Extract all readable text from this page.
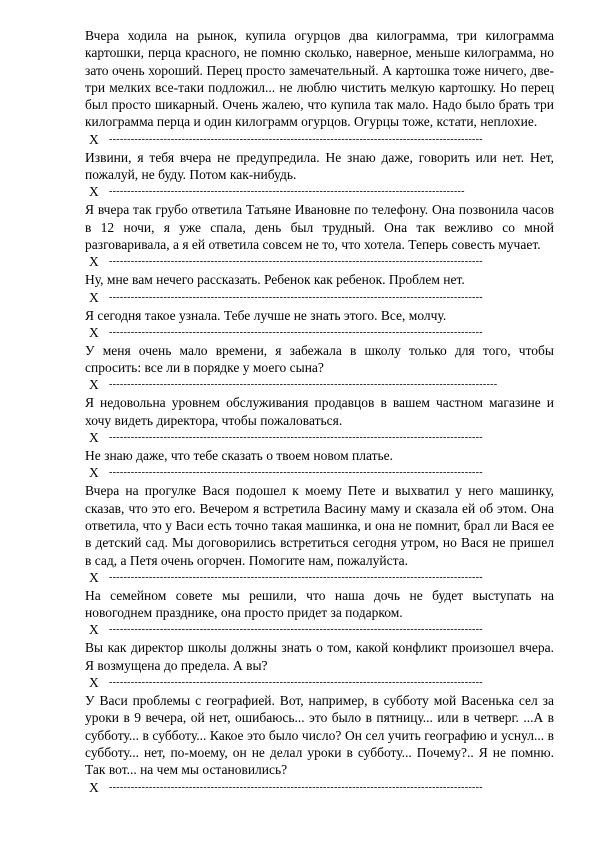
Вчера ходила на рынок, купила огурцов два килограмма, три килограмма картошки, перца красного, не помню сколько, наверное, меньше килограмма, но зато очень хороший. Перец просто замечательный. А картошка тоже ничего, две-три мелких все-таки подложил... не люблю чистить мелкую картошку. Но перец был просто шикарный. Очень жалею, что купила так мало. Надо было брать три килограмма перца и один килограмм огурцов. Огурцы тоже, кстати, неплохие.

X -------------------------------------------------------------------------------------------------------

Извини, я тебя вчера не предупредила. Не знаю даже, говорить или нет. Нет, пожалуй, не буду. Потом как-нибудь.

X --------------------------------------------------------------------------------------------------

Я вчера так грубо ответила Татьяне Ивановне по телефону. Она позвонила часов в 12 ночи, я уже спала, день был трудный. Она так вежливо со мной разговаривала, а я ей ответила совсем не то, что хотела. Теперь совесть мучает.

X -------------------------------------------------------------------------------------------------------

Ну, мне вам нечего рассказать. Ребенок как ребенок. Проблем нет.

X -------------------------------------------------------------------------------------------------------

Я сегодня такое узнала. Тебе лучше не знать этого. Все, молчу.

X -------------------------------------------------------------------------------------------------------

У меня очень мало времени, я забежала в школу только для того, чтобы спросить: все ли в порядке у моего сына?

X -----------------------------------------------------------------------------------------------------------

Я недовольна уровнем обслуживания продавцов в вашем частном магазине и хочу видеть директора, чтобы пожаловаться.

X -------------------------------------------------------------------------------------------------------

Не знаю даже, что тебе сказать о твоем новом платье.

X -------------------------------------------------------------------------------------------------------

Вчера на прогулке Вася подошел к моему Пете и выхватил у него машинку, сказав, что это его. Вечером я встретила Васину маму и сказала ей об этом. Она ответила, что у Васи есть точно такая машинка, и она не помнит, брал ли Вася ее в детский сад. Мы договорились встретиться сегодня утром, но Вася не пришел в сад, а Петя очень огорчен. Помогите нам, пожалуйста.

X -------------------------------------------------------------------------------------------------------

На семейном совете мы решили, что наша дочь не будет выступать на новогоднем празднике, она просто придет за подарком.

X -------------------------------------------------------------------------------------------------------

Вы как директор школы должны знать о том, какой конфликт произошел вчера. Я возмущена до предела. А вы?

X -------------------------------------------------------------------------------------------------------

У Васи проблемы с географией. Вот, например, в субботу мой Васенька сел за уроки в 9 вечера, ой нет, ошибаюсь... это было в пятницу... или в четверг. ...А в субботу... в субботу... Какое это было число? Он сел учить географию и уснул... в субботу... нет, по-моему, он не делал уроки в субботу... Почему?.. Я не помню. Так вот... на чем мы остановились?

X -------------------------------------------------------------------------------------------------------
